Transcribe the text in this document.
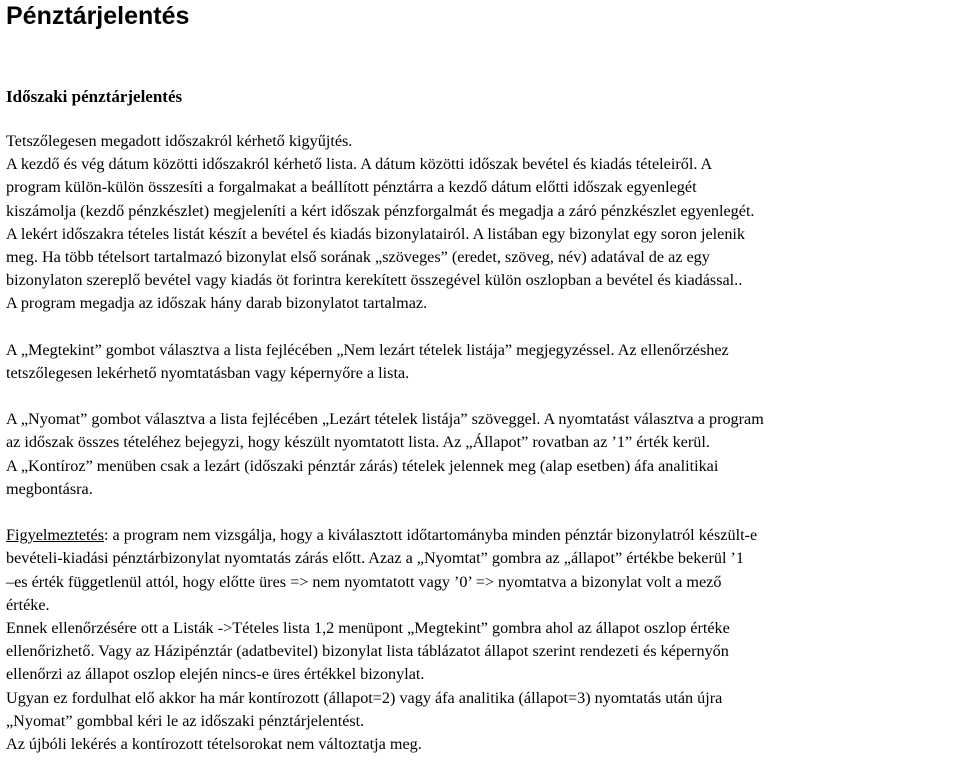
Pénztárjelentés
Időszaki pénztárjelentés
Tetszőlegesen megadott időszakról kérhető kigyűjtés.
A kezdő és vég dátum közötti időszakról kérhető lista. A dátum közötti időszak bevétel és kiadás tételeiről. A
program külön-külön összesíti a forgalmakat a beállított pénztárra a kezdő dátum előtti időszak egyenlegét
kiszámolja (kezdő pénzkészlet) megjeleníti a kért időszak pénzforgalmát és megadja a záró pénzkészlet egyenlegét.
A lekért időszakra tételes listát készít a bevétel és kiadás bizonylatairól. A listában egy bizonylat egy soron jelenik
meg. Ha több tételsort tartalmazó bizonylat első sorának „szöveges” (eredet, szöveg, név) adatával de az egy
bizonylaton szereplő bevétel vagy kiadás öt forintra kerekített összegével külön oszlopban a bevétel és kiadással..
A program megadja az időszak hány darab bizonylatot tartalmaz.
A „Megtekint” gombot választva a lista fejlécében „Nem lezárt tételek listája” megjegyzéssel. Az ellenőrzéshez
tetszőlegesen lekérhető nyomtatásban vagy képernyőre a lista.
A „Nyomat” gombot választva a lista fejlécében „Lezárt tételek listája” szöveggel. A nyomtatást választva a program
az időszak összes tételéhez bejegyzi, hogy készült nyomtatott lista. Az „Állapot” rovatban az ’1” érték kerül.
A „Kontíroz” menüben csak a lezárt (időszaki pénztár zárás) tételek jelennek meg (alap esetben) áfa analitikai
megbontásra.
Figyelmeztetés: a program nem vizsgálja, hogy a kiválasztott időtartományba minden pénztár bizonylatról készült-e
bevételi-kiadási pénztárbizonylat nyomtatás zárás előtt. Azaz a „Nyomtat” gombra az „állapot” értékbe bekerül ’1
–es érték függetlenül attól, hogy előtte üres => nem nyomtatott vagy ’0’ => nyomtatva a bizonylat volt a mező
értéke.
Ennek ellenőrzésére ott a Listák ->Tételes lista 1,2 menüpont „Megtekint” gombra ahol az állapot oszlop értéke
ellenőrizhető. Vagy az Házipénztár (adatbevitel) bizonylat lista táblázatot állapot szerint rendezeti és képernyőn
ellenőrzi az állapot oszlop elején nincs-e üres értékkel bizonylat.
Ugyan ez fordulhat elő akkor ha már kontírozott (állapot=2) vagy áfa analitika (állapot=3) nyomtatás után újra
„Nyomat” gombbal kéri le az időszaki pénztárjelentést.
Az újbóli lekérés a kontírozott tételsorokat nem változtatja meg.
